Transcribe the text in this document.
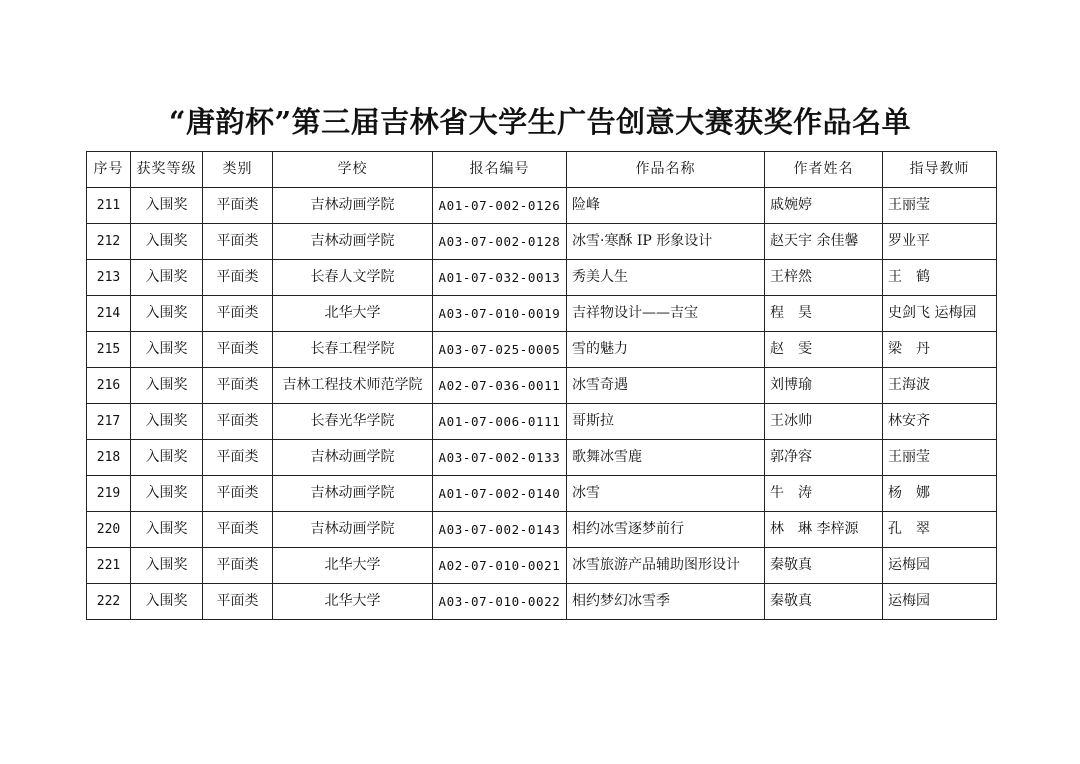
“唐韵杯”第三届吉林省大学生广告创意大赛获奖作品名单
序号	获奖等级	类别	学校	报名编号	作品名称	作者姓名	指导教师
211	入围奖	平面类	吉林动画学院	A01-07-002-0126	险峰	戚婉婷	王丽莹
212	入围奖	平面类	吉林动画学院	A03-07-002-0128	冰雪·寒酥 IP 形象设计	赵天宇 余佳馨	罗业平
213	入围奖	平面类	长春人文学院	A01-07-032-0013	秀美人生	王梓然	王　鹤
214	入围奖	平面类	北华大学	A03-07-010-0019	吉祥物设计——吉宝	程　昊	史剑飞 运梅园
215	入围奖	平面类	长春工程学院	A03-07-025-0005	雪的魅力	赵　雯	梁　丹
216	入围奖	平面类	吉林工程技术师范学院	A02-07-036-0011	冰雪奇遇	刘博瑜	王海波
217	入围奖	平面类	长春光华学院	A01-07-006-0111	哥斯拉	王冰帅	林安齐
218	入围奖	平面类	吉林动画学院	A03-07-002-0133	歌舞冰雪鹿	郭净容	王丽莹
219	入围奖	平面类	吉林动画学院	A01-07-002-0140	冰雪	牛　涛	杨　娜
220	入围奖	平面类	吉林动画学院	A03-07-002-0143	相约冰雪逐梦前行	林　琳 李梓源	孔　翠
221	入围奖	平面类	北华大学	A02-07-010-0021	冰雪旅游产品辅助图形设计	秦敬真	运梅园
222	入围奖	平面类	北华大学	A03-07-010-0022	相约梦幻冰雪季	秦敬真	运梅园
